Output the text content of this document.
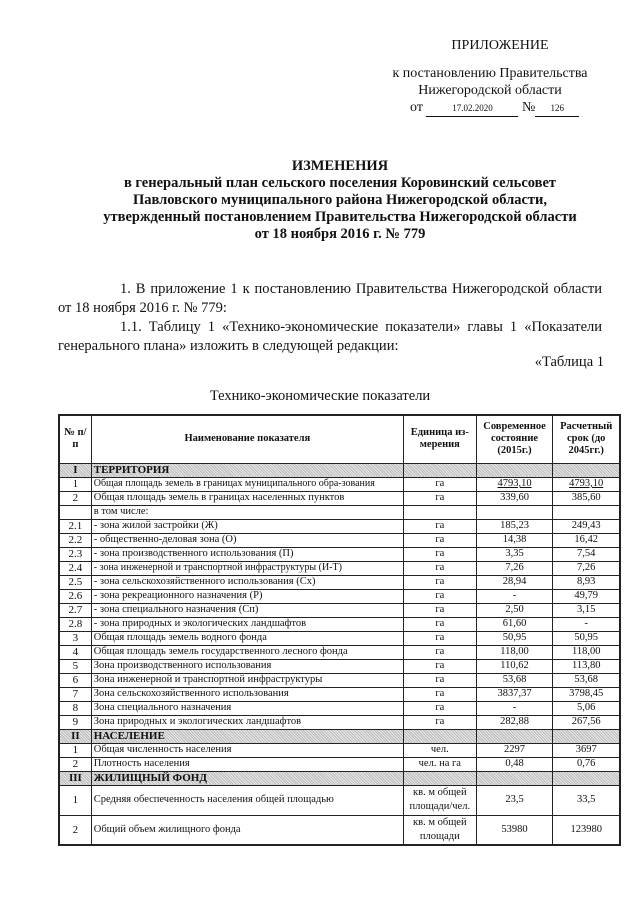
ПРИЛОЖЕНИЕ
к постановлению Правительства
Нижегородской области
от	17.02.2020 № 126
ИЗМЕНЕНИЯ
в генеральный план сельского поселения Коровинский сельсовет
Павловского муниципального района Нижегородской области,
утвержденный постановлением Правительства Нижегородской области
от 18 ноября 2016 г. № 779
1. В приложение 1 к постановлению Правительства Нижегородской области от 18 ноября 2016 г. № 779:
1.1. Таблицу 1 «Технико-экономические показатели» главы 1 «Показатели генерального плана» изложить в следующей редакции:
«Таблица 1
Технико-экономические показатели
№ п/п	Наименование показателя	Единица из-мерения	Современное состояние (2015г.)	Расчетный срок (до 2045гг.)
I	ТЕРРИТОРИЯ			
1	Общая площадь земель в границах муниципального обра-зования	га	4793,10	4793,10
2	Общая площадь земель в границах населенных пунктов	га	339,60	385,60
	в том числе:			
2.1	- зона жилой застройки (Ж)	га	185,23	249,43
2.2	- общественно-деловая зона (О)	га	14,38	16,42
2.3	- зона производственного использования (П)	га	3,35	7,54
2.4	- зона инженерной и транспортной инфраструктуры (И-Т)	га	7,26	7,26
2.5	- зона сельскохозяйственного использования (Сх)	га	28,94	8,93
2.6	- зона рекреационного назначения (Р)	га	-	49,79
2.7	- зона специального назначения (Сп)	га	2,50	3,15
2.8	- зона природных и экологических ландшафтов	га	61,60	-
3	Общая площадь земель водного фонда	га	50,95	50,95
4	Общая площадь земель государственного лесного фонда	га	118,00	118,00
5	Зона производственного использования	га	110,62	113,80
6	Зона инженерной и транспортной инфраструктуры	га	53,68	53,68
7	Зона сельскохозяйственного использования	га	3837,37	3798,45
8	Зона специального назначения	га	-	5,06
9	Зона природных и экологических ландшафтов	га	282,88	267,56
II	НАСЕЛЕНИЕ			
1	Общая численность населения	чел.	2297	3697
2	Плотность населения	чел. на га	0,48	0,76
III	ЖИЛИЩНЫЙ ФОНД			
1	Средняя обеспеченность населения общей площадью	кв. м общей площади/чел.	23,5	33,5
2	Общий объем жилищного фонда	кв. м общей площади	53980	123980
